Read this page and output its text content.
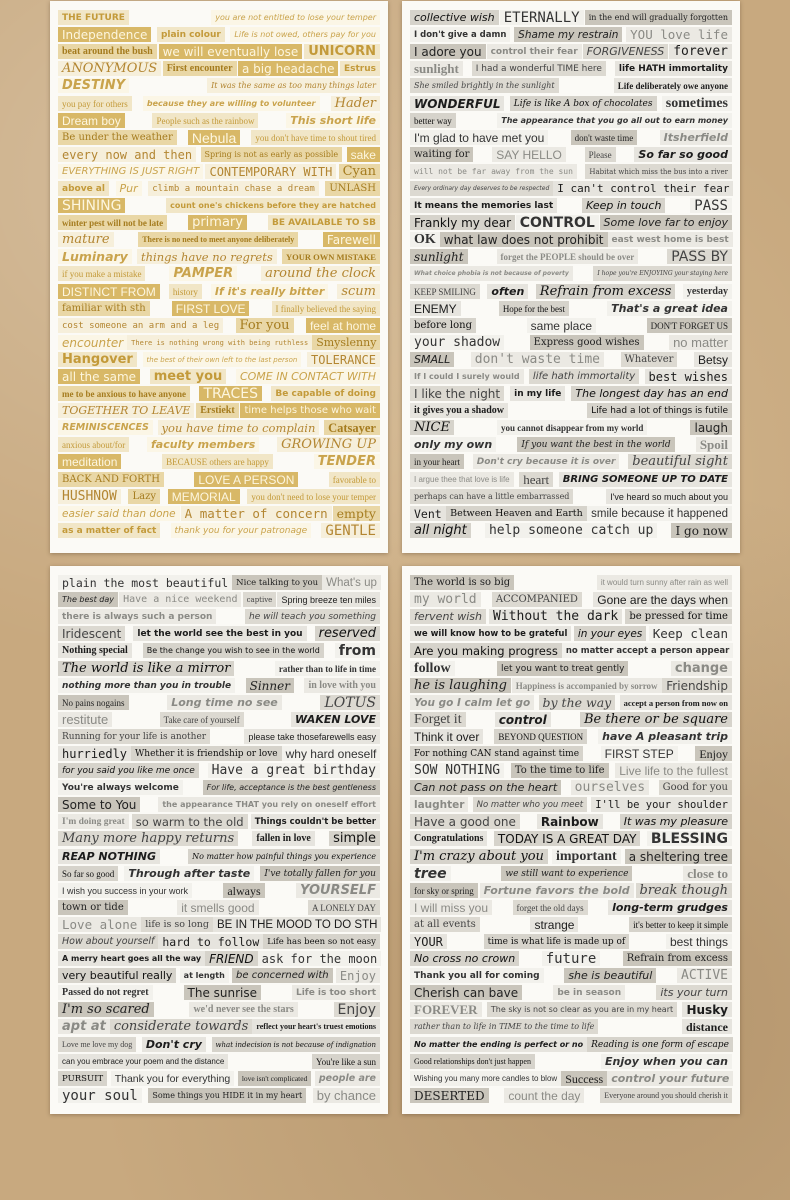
THE FUTURE	you are not entitled to lose your temper
Independence	plain colour	Life is not owed, others pay for you
beat around the bush we will eventually lose UNICORN
ANONYMOUS First encounter a big headache	Estrus
DESTINY	It was the same as too many things later
you pay for others	because they are willing to volunteer	Hader
Dream boy	People such as the rainbow	This short life
Be under the weather Nebula	you don't have time to shout tired
every now and then	Spring is not as early as possible	sake
EVERYTHING IS JUST RIGHT CONTEMPORARY WITH Cyan
above al	Pur	climb a mountain chase a dream	UNLASH
SHINING	count one's chickens before they are hatched
winter pest will not be late	primary	BE AVAILABLE TO SB
mature	There is no need to meet anyone deliberately	Farewell
Luminary	things have no regrets	YOUR OWN MISTAKE
if you make a mistake	PAMPER	around the clock
DISTINCT FROM	history	If it's really bitter	scum
familiar with sth	FIRST LOVE	I finally believed the saying
cost someone an arm and a leg	For you	feel at home
encounter	There is nothing wrong with being ruthless Smyslenny
Hangover	the best of their own left to the last person	TOLERANCE
all the same	meet you	COME IN CONTACT WITH
me to be anxious to have anyone TRACES	Be capable of doing
TOGETHER TO LEAVE Erstiekt time helps those who wait
REMINISCENCES	you have time to complain	Catsayer
anxious about/for	faculty members	GROWING UP
meditation	BECAUSE others are happy	TENDER
BACK AND FORTH	LOVE A PERSON	favorable to
HUSHNOW	Lazy	MEMORIAL	you don't need to lose your temper
easier said than done A matter of concern empty
as a matter of fact	thank you for your patronage GENTLE
collective wish ETERNALLY	in the end will gradually forgotten
I don't give a damn	Shame my restrain YOU love life
I adore you control their fear FORGIVENESS forever
sunlight	I had a wonderful TIME here	life HATH immortality
She smiled brightly in the sunlight	Life deliberately owe anyone
WONDERFUL	Life is like A box of chocolates sometimes
better way	The appearance that you go all out to earn money
I'm glad to have met you	don't waste time	Itsherfield
waiting for	SAY HELLO	Please	So far so good
will not be far away from the sun	Habitat which miss the bus into a river
Every ordinary day deserves to be respected I can't control their fear
It means the memories last	Keep in touch PASS
Frankly my dear CONTROL Some love far to enjoy
OK what law does not prohibit east west home is best
sunlight	forget the PEOPLE should be over	PASS BY
What choice phobia is not because of poverty	I hope you're ENJOYING your staying here
KEEP SMILING	often	Refrain from excess	yesterday
ENEMY	Hope for the best	That's a great idea
before long	same place	DON'T FORGET US
your shadow	Express good wishes	no matter
SMALL	don't waste time	Whatever	Betsy
If I could I surely would	life hath immortality	best wishes
I like the night	in my life	The longest day has an end
it gives you a shadow	Life had a lot of things is futile
NICE	you cannot disappear from my world	laugh
only my own	If you want the best in the world	Spoil
in your heart	Don't cry because it is over	beautiful sight
I argue thee that love is life	heart	BRING SOMEONE UP TO DATE
perhaps can have a little embarrassed	I've heard so much about you
Vent Between Heaven and Earth smile because it happened
all night	help someone catch up	I go now
plain the most beautiful Nice talking to you What's up
The best day Have a nice weekend	captive	Spring breeze ten miles
there is always such a person	he will teach you something
Iridescent	let the world see the best in you	reserved
Nothing special	Be the change you wish to see in the world from
The world is like a mirror	rather than to life in time
nothing more than you in trouble	Sinner	in love with you
No pains nogains	Long time no see	LOTUS
restitute	Take care of yourself	WAKEN LOVE
Running for your life is another	please take thosefarewells easy
hurriedly Whether it is friendship or love why hard oneself
for you said you like me once	Have a great birthday
You're always welcome	For life, acceptance is the best gentleness
Some to You	the appearance THAT you rely on oneself effort
I'm doing great so warm to the old	Things couldn't be better
Many more happy returns	fallen in love	simple
REAP NOTHING	No matter how painful things you experience
So far so good	Through after taste	I've totally fallen for you
I wish you success in your work	always	YOURSELF
town or tide	it smells good	A LONELY DAY
Love alone life is so long BE IN THE MOOD TO DO STH
How about yourself hard to follow Life has been so not easy
A merry heart goes all the way FRIEND ask for the moon
very beautiful really	at length	be concerned with Enjoy
Passed do not regret	The sunrise	Life is too short
I'm so scared	we'd never see the stars	Enjoy
apt at considerate towards	reflect your heart's truest emotions
Love me love my dog	Don't cry	what indecision is not because of indignation
can you embrace your poem and the distance	You're like a sun
PURSUIT	Thank you for everything	love isn't complicated	people are
your soul	Some things you HIDE it in my heart	by chance
The world is so big	it would turn sunny after rain as well
my world	ACCOMPANIED	Gone are the days when
fervent wish Without the dark	be pressed for time
we will know how to be grateful in your eyes Keep clean
Are you making progress no matter accept a person appear
follow	let you want to treat gently	change
he is laughing Happiness is accompanied by sorrow Friendship
You go I calm let go by the way	accept a person from now on
Forget it	control	Be there or be square
Think it over	BEYOND QUESTION	have A pleasant trip
For nothing CAN stand against time	FIRST STEP	Enjoy
SOW NOTHING	To the time to life	Live life to the fullest
Can not pass on the heart	ourselves	Good for you
laughter	No matter who you meet	I'll be your shoulder
Have a good one	Rainbow	It was my pleasure
Congratulations	TODAY IS A GREAT DAY BLESSING
I'm crazy about you important	a sheltering tree
tree	we still want to experience	close to
for sky or spring Fortune favors the bold break though
I will miss you	forget the old days	long-term grudges
at all events	strange	it's better to keep it simple
YOUR	time is what life is made up of	best things
No cross no crown future	Refrain from excess
Thank you all for coming	she is beautiful	ACTIVE
Cherish can bave	be in season	its your turn
FOREVER	The sky is not so clear as you are in my heart	Husky
rather than to life in TIME to the time to life	distance
No matter the ending is perfect or no Reading is one form of escape
Good relationships don't just happen	Enjoy when you can
Wishing you many more candles to blow Success control your future
DESERTED	count the day	Everyone around you should cherish it
